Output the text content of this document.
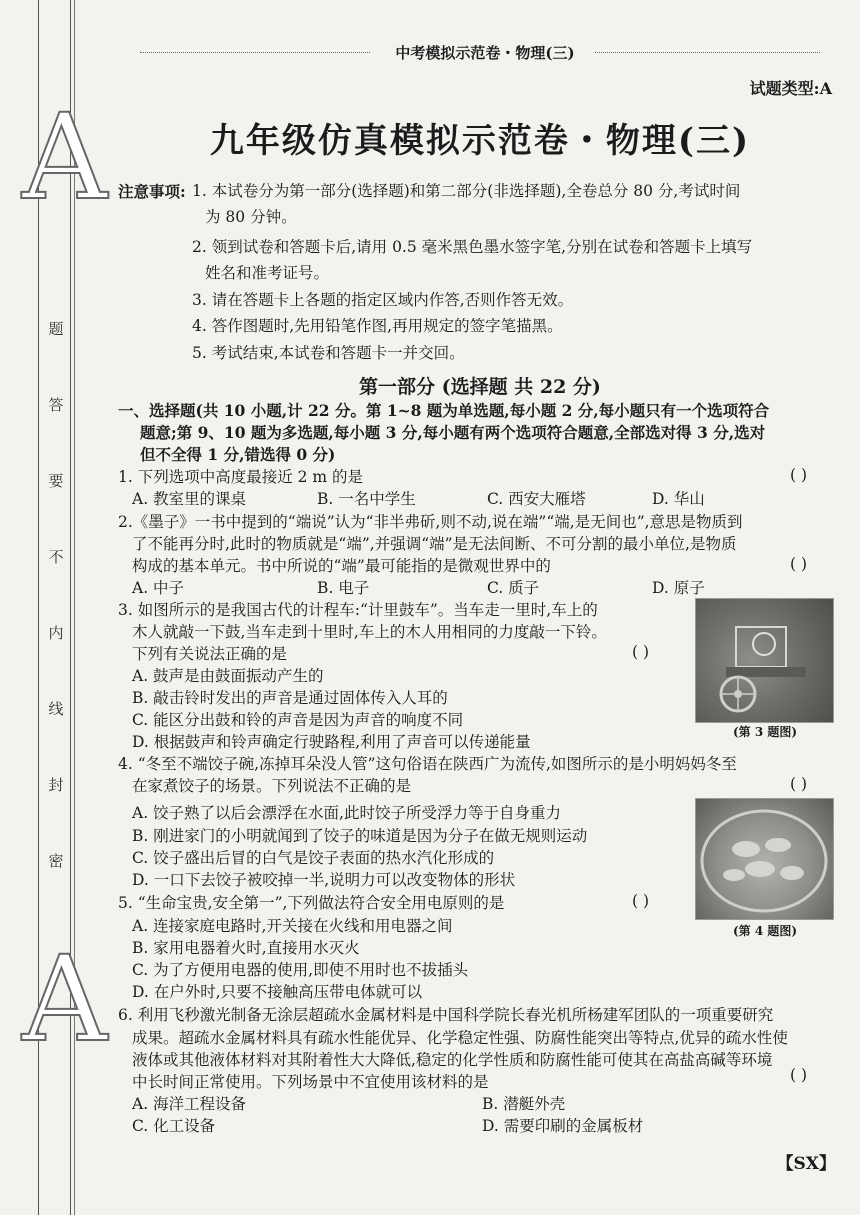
题
答
要
不
内
线
封
密
A
A
中考模拟示范卷・物理(三)
试题类型:A
九年级仿真模拟示范卷・物理(三)
注意事项: 1. 本试卷分为第一部分(选择题)和第二部分(非选择题),全卷总分 80 分,考试时间
为 80 分钟。
2. 领到试卷和答题卡后,请用 0.5 毫米黑色墨水签字笔,分别在试卷和答题卡上填写
姓名和准考证号。
3. 请在答题卡上各题的指定区域内作答,否则作答无效。
4. 答作图题时,先用铅笔作图,再用规定的签字笔描黑。
5. 考试结束,本试卷和答题卡一并交回。
第一部分 (选择题 共 22 分)
一、选择题(共 10 小题,计 22 分。第 1~8 题为单选题,每小题 2 分,每小题只有一个选项符合
题意;第 9、10 题为多选题,每小题 3 分,每小题有两个选项符合题意,全部选对得 3 分,选对
但不全得 1 分,错选得 0 分)
1. 下列选项中高度最接近 2 m 的是	( )
A. 教室里的课桌	B. 一名中学生	C. 西安大雁塔	D. 华山
2.《墨子》一书中提到的“端说”认为“非半弗斫,则不动,说在端”“端,是无间也”,意思是物质到
了不能再分时,此时的物质就是“端”,并强调“端”是无法间断、不可分割的最小单位,是物质
构成的基本单元。书中所说的“端”最可能指的是微观世界中的	( )
A. 中子	B. 电子	C. 质子	D. 原子
3. 如图所示的是我国古代的计程车:“计里鼓车”。当车走一里时,车上的
木人就敲一下鼓,当车走到十里时,车上的木人用相同的力度敲一下铃。
下列有关说法正确的是	( )
A. 鼓声是由鼓面振动产生的
B. 敲击铃时发出的声音是通过固体传入人耳的
C. 能区分出鼓和铃的声音是因为声音的响度不同
D. 根据鼓声和铃声确定行驶路程,利用了声音可以传递能量
(第 3 题图)
4. “冬至不端饺子碗,冻掉耳朵没人管”这句俗语在陕西广为流传,如图所示的是小明妈妈冬至
在家煮饺子的场景。下列说法不正确的是	( )
A. 饺子熟了以后会漂浮在水面,此时饺子所受浮力等于自身重力
B. 刚进家门的小明就闻到了饺子的味道是因为分子在做无规则运动
C. 饺子盛出后冒的白气是饺子表面的热水汽化形成的
D. 一口下去饺子被咬掉一半,说明力可以改变物体的形状
(第 4 题图)
5. “生命宝贵,安全第一”,下列做法符合安全用电原则的是	( )
A. 连接家庭电路时,开关接在火线和用电器之间
B. 家用电器着火时,直接用水灭火
C. 为了方便用电器的使用,即使不用时也不拔插头
D. 在户外时,只要不接触高压带电体就可以
6. 利用飞秒激光制备无涂层超疏水金属材料是中国科学院长春光机所杨建军团队的一项重要研究
成果。超疏水金属材料具有疏水性能优异、化学稳定性强、防腐性能突出等特点,优异的疏水性使
液体或其他液体材料对其附着性大大降低,稳定的化学性质和防腐性能可使其在高盐高碱等环境
中长时间正常使用。下列场景中不宜使用该材料的是	( )
A. 海洋工程设备	B. 潜艇外壳
C. 化工设备	D. 需要印刷的金属板材
【SX】
